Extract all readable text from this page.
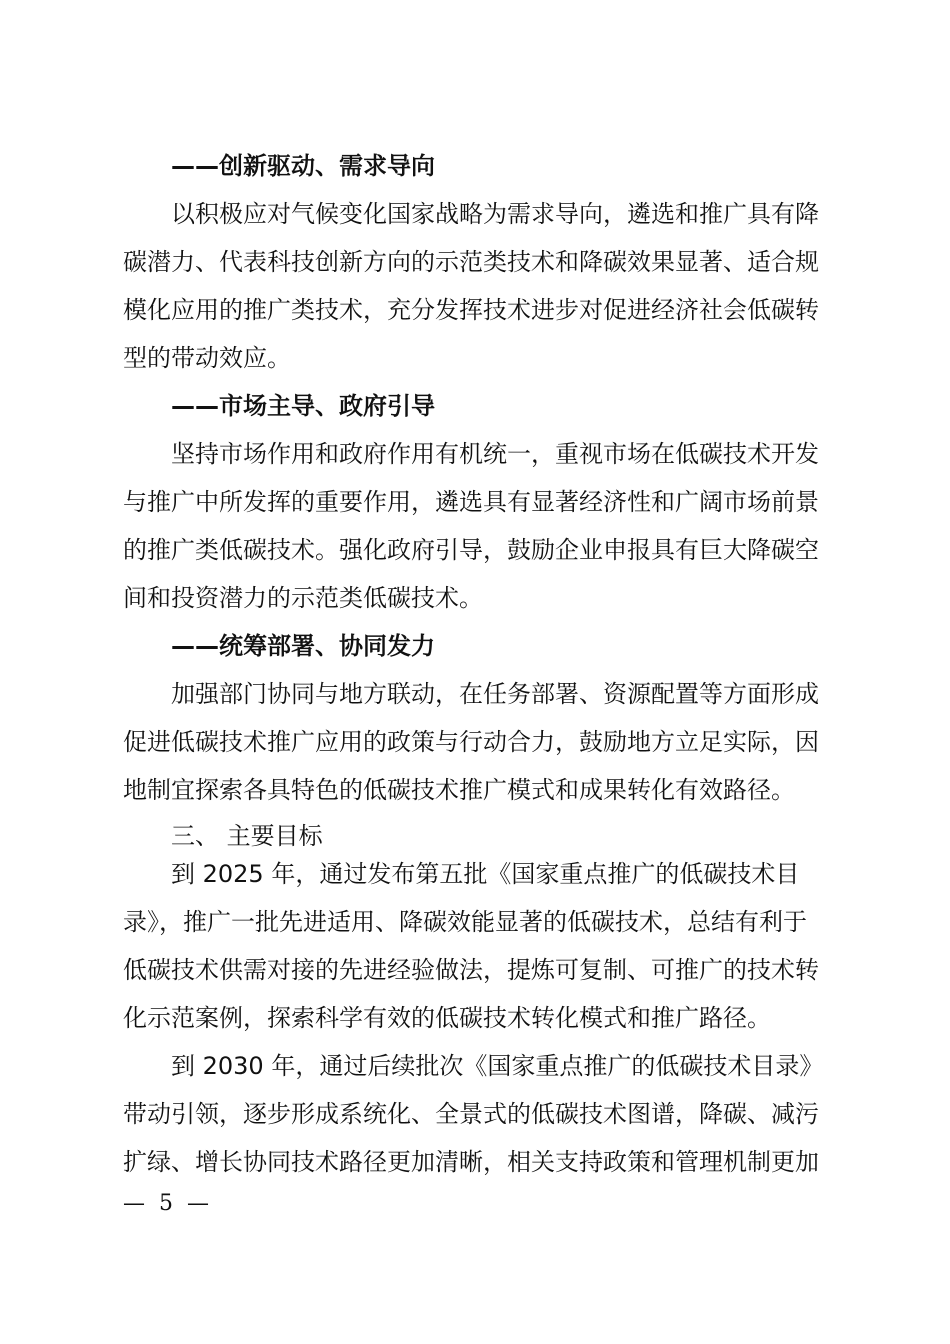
——创新驱动、需求导向
以积极应对气候变化国家战略为需求导向，遴选和推广具有降
碳潜力、代表科技创新方向的示范类技术和降碳效果显著、适合规
模化应用的推广类技术，充分发挥技术进步对促进经济社会低碳转
型的带动效应。
——市场主导、政府引导
坚持市场作用和政府作用有机统一，重视市场在低碳技术开发
与推广中所发挥的重要作用，遴选具有显著经济性和广阔市场前景
的推广类低碳技术。强化政府引导，鼓励企业申报具有巨大降碳空
间和投资潜力的示范类低碳技术。
——统筹部署、协同发力
加强部门协同与地方联动，在任务部署、资源配置等方面形成
促进低碳技术推广应用的政策与行动合力，鼓励地方立足实际，因
地制宜探索各具特色的低碳技术推广模式和成果转化有效路径。
三、 主要目标
到 2025 年，通过发布第五批《国家重点推广的低碳技术目
录》，推广一批先进适用、降碳效能显著的低碳技术，总结有利于
低碳技术供需对接的先进经验做法，提炼可复制、可推广的技术转
化示范案例，探索科学有效的低碳技术转化模式和推广路径。
到 2030 年，通过后续批次《国家重点推广的低碳技术目录》
带动引领，逐步形成系统化、全景式的低碳技术图谱，降碳、减污
扩绿、增长协同技术路径更加清晰，相关支持政策和管理机制更加
—  5  —
